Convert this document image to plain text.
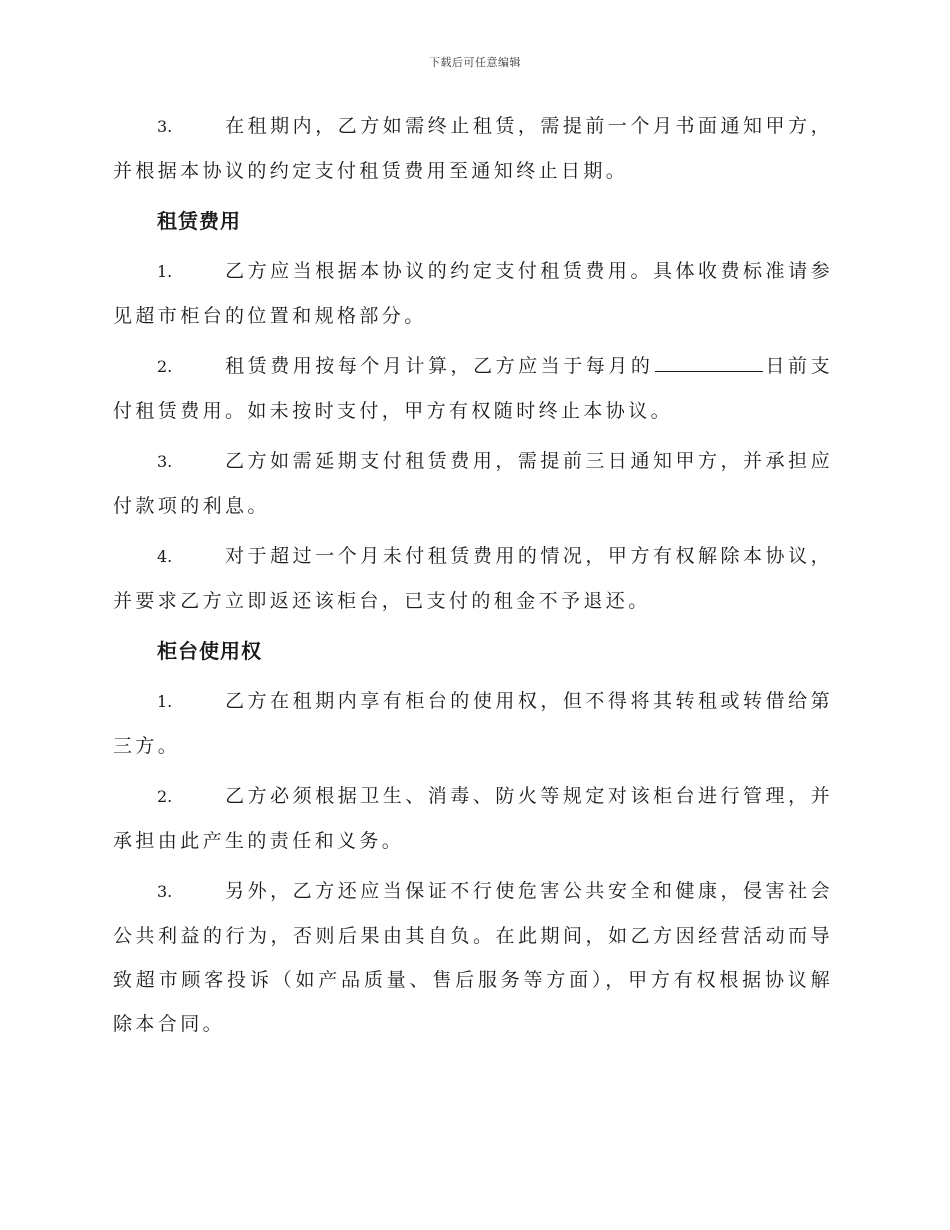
下载后可任意编辑

3.	在租期内，乙方如需终止租赁，需提前一个月书面通知甲方，并根据本协议的约定支付租赁费用至通知终止日期。

租赁费用

1.	乙方应当根据本协议的约定支付租赁费用。具体收费标准请参见超市柜台的位置和规格部分。

2.	租赁费用按每个月计算，乙方应当于每月的	日前支付租赁费用。如未按时支付，甲方有权随时终止本协议。

3.	乙方如需延期支付租赁费用，需提前三日通知甲方，并承担应付款项的利息。

4.	对于超过一个月未付租赁费用的情况，甲方有权解除本协议，并要求乙方立即返还该柜台，已支付的租金不予退还。

柜台使用权

1.	乙方在租期内享有柜台的使用权，但不得将其转租或转借给第三方。

2.	乙方必须根据卫生、消毒、防火等规定对该柜台进行管理，并承担由此产生的责任和义务。

3.	另外，乙方还应当保证不行使危害公共安全和健康，侵害社会公共利益的行为，否则后果由其自负。在此期间，如乙方因经营活动而导致超市顾客投诉（如产品质量、售后服务等方面），甲方有权根据协议解除本合同。
